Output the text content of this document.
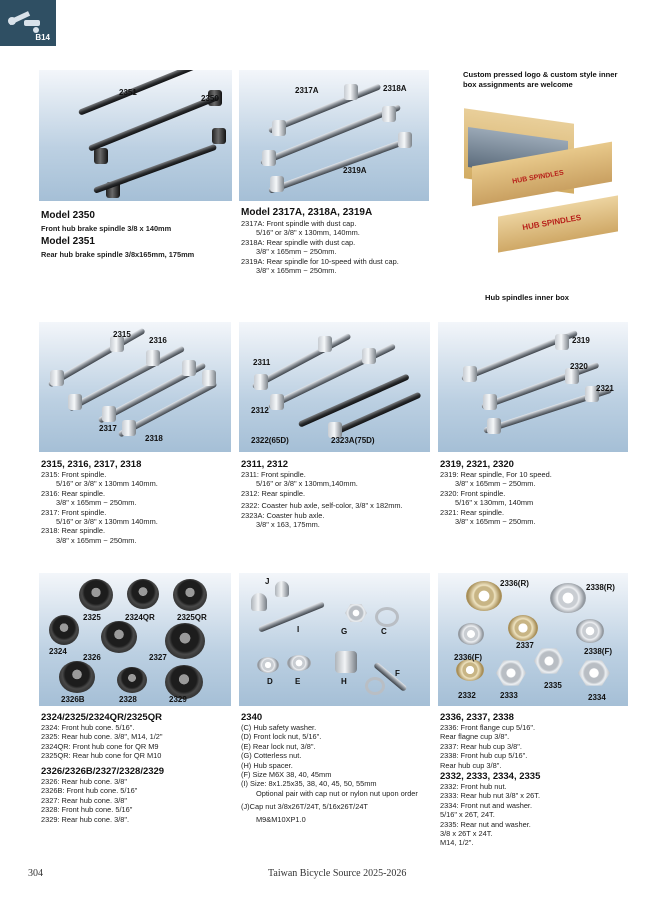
B14
2351
2350
Model 2350
Front hub brake spindle 3/8 x 140mm
Model 2351
Rear hub brake spindle 3/8x165mm, 175mm
2317A	2318A
2319A
Model 2317A, 2318A, 2319A
2317A: Front spindle with dust cap.
5/16" or 3/8" x 130mm, 140mm.
2318A: Rear spindle with dust cap.
3/8" x 165mm ~ 250mm.
2319A: Rear spindle for 10-speed with dust cap.
3/8" x 165mm ~ 250mm.
Custom pressed logo & custom style inner box assignments are welcome
HUB SPINDLES
HUB SPINDLES
Hub spindles inner box
2315
2316
2317
2318
2315, 2316, 2317, 2318
2315: Front spindle.
5/16" or 3/8" x 130mm 140mm.
2316: Rear spindle.
3/8" x 165mm ~ 250mm.
2317: Front spindle.
5/16" or 3/8" x 130mm 140mm.
2318: Rear spindle.
3/8" x 165mm ~ 250mm.
2311
2312
2322(65D)	2323A(75D)
2311, 2312
2311: Front spindle.
5/16" or 3/8" x 130mm,140mm.
2312: Rear spindle.
2322: Coaster hub axle, self-color, 3/8" x 182mm.
2323A: Coaster hub axle.
3/8" x 163, 175mm.
2319
2320
2321
2319, 2321, 2320
2319: Rear spindle, For 10 speed.
3/8" x 165mm ~ 250mm.
2320: Front spindle.
5/16" x 130mm, 140mm
2321: Rear spindle.
3/8" x 165mm ~ 250mm.
2325	2324QR	2325QR
2324
2326	2327
2326B	2328	2329
2324/2325/2324QR/2325QR
2324: Front hub cone. 5/16".
2325: Rear hub cone. 3/8", M14, 1/2"
2324QR: Front hub cone for QR M9
2325QR: Rear hub cone for QR M10
2326/2326B/2327/2328/2329
2326: Rear hub cone. 3/8"
2326B: Front hub cone. 5/16"
2327: Rear hub cone. 3/8"
2328: Front hub cone. 5/16"
2329: Rear hub cone. 3/8".
J
I	G	C
D	E	H
F
2340
(C) Hub safety washer.
(D) Front lock nut, 5/16".
(E) Rear lock nut, 3/8".
(G) Cotterless nut.
(H) Hub spacer.
(F) Size M6X 38, 40, 45mm
(I) Size: 8x1.25x35, 38, 40, 45, 50, 55mm
Optional pair with cap nut or nylon nut upon order
(J)Cap nut 3/8x26T/24T, 5/16x26T/24T
M9&M10XP1.0
2336(R)	2338(R)
2337
2338(F)
2336(F)
2335
2332	2333	2334
2336, 2337, 2338
2336: Front flange cup 5/16".
Rear flagne cup 3/8".
2337: Rear hub cup 3/8".
2338: Front hub cup 5/16".
Rear hub cup 3/8".
2332, 2333, 2334, 2335
2332: Front hub nut.
2333: Rear hub nut 3/8" x 26T.
2334: Front nut and washer.
5/16" x 26T, 24T.
2335: Rear nut and washer.
3/8 x 26T x 24T.
M14, 1/2".
304	Taiwan Bicycle Source 2025-2026
